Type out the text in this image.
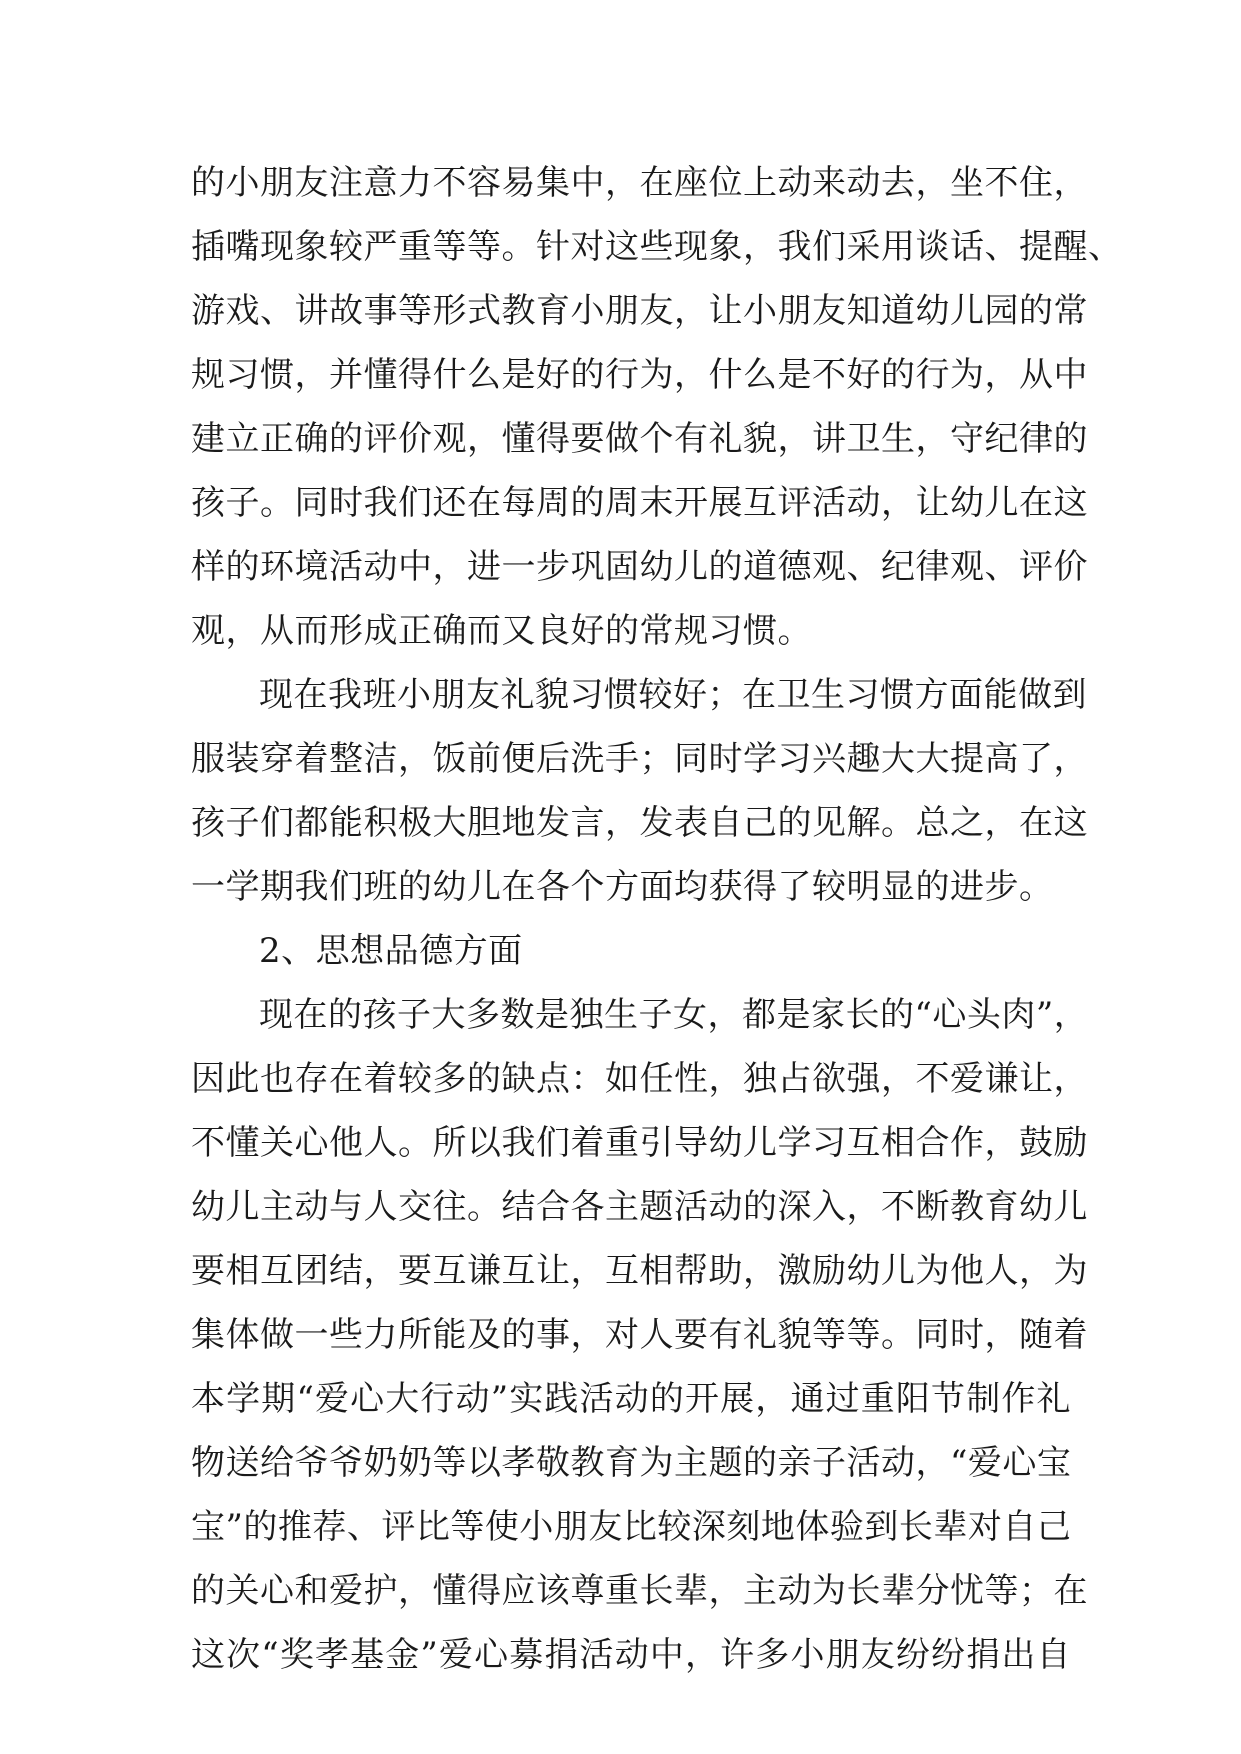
的小朋友注意力不容易集中，在座位上动来动去，坐不住，
插嘴现象较严重等等。针对这些现象，我们采用谈话、提醒、
游戏、讲故事等形式教育小朋友，让小朋友知道幼儿园的常
规习惯，并懂得什么是好的行为，什么是不好的行为，从中
建立正确的评价观，懂得要做个有礼貌，讲卫生，守纪律的
孩子。同时我们还在每周的周末开展互评活动，让幼儿在这
样的环境活动中，进一步巩固幼儿的道德观、纪律观、评价
观，从而形成正确而又良好的常规习惯。
现在我班小朋友礼貌习惯较好；在卫生习惯方面能做到
服装穿着整洁，饭前便后洗手；同时学习兴趣大大提高了，
孩子们都能积极大胆地发言，发表自己的见解。总之，在这
一学期我们班的幼儿在各个方面均获得了较明显的进步。
2、思想品德方面
现在的孩子大多数是独生子女，都是家长的“心头肉”，
因此也存在着较多的缺点：如任性，独占欲强，不爱谦让，
不懂关心他人。所以我们着重引导幼儿学习互相合作，鼓励
幼儿主动与人交往。结合各主题活动的深入，不断教育幼儿
要相互团结，要互谦互让，互相帮助，激励幼儿为他人，为
集体做一些力所能及的事，对人要有礼貌等等。同时，随着
本学期“爱心大行动”实践活动的开展，通过重阳节制作礼
物送给爷爷奶奶等以孝敬教育为主题的亲子活动，“爱心宝
宝”的推荐、评比等使小朋友比较深刻地体验到长辈对自己
的关心和爱护，懂得应该尊重长辈，主动为长辈分忧等；在
这次“奖孝基金”爱心募捐活动中，许多小朋友纷纷捐出自
